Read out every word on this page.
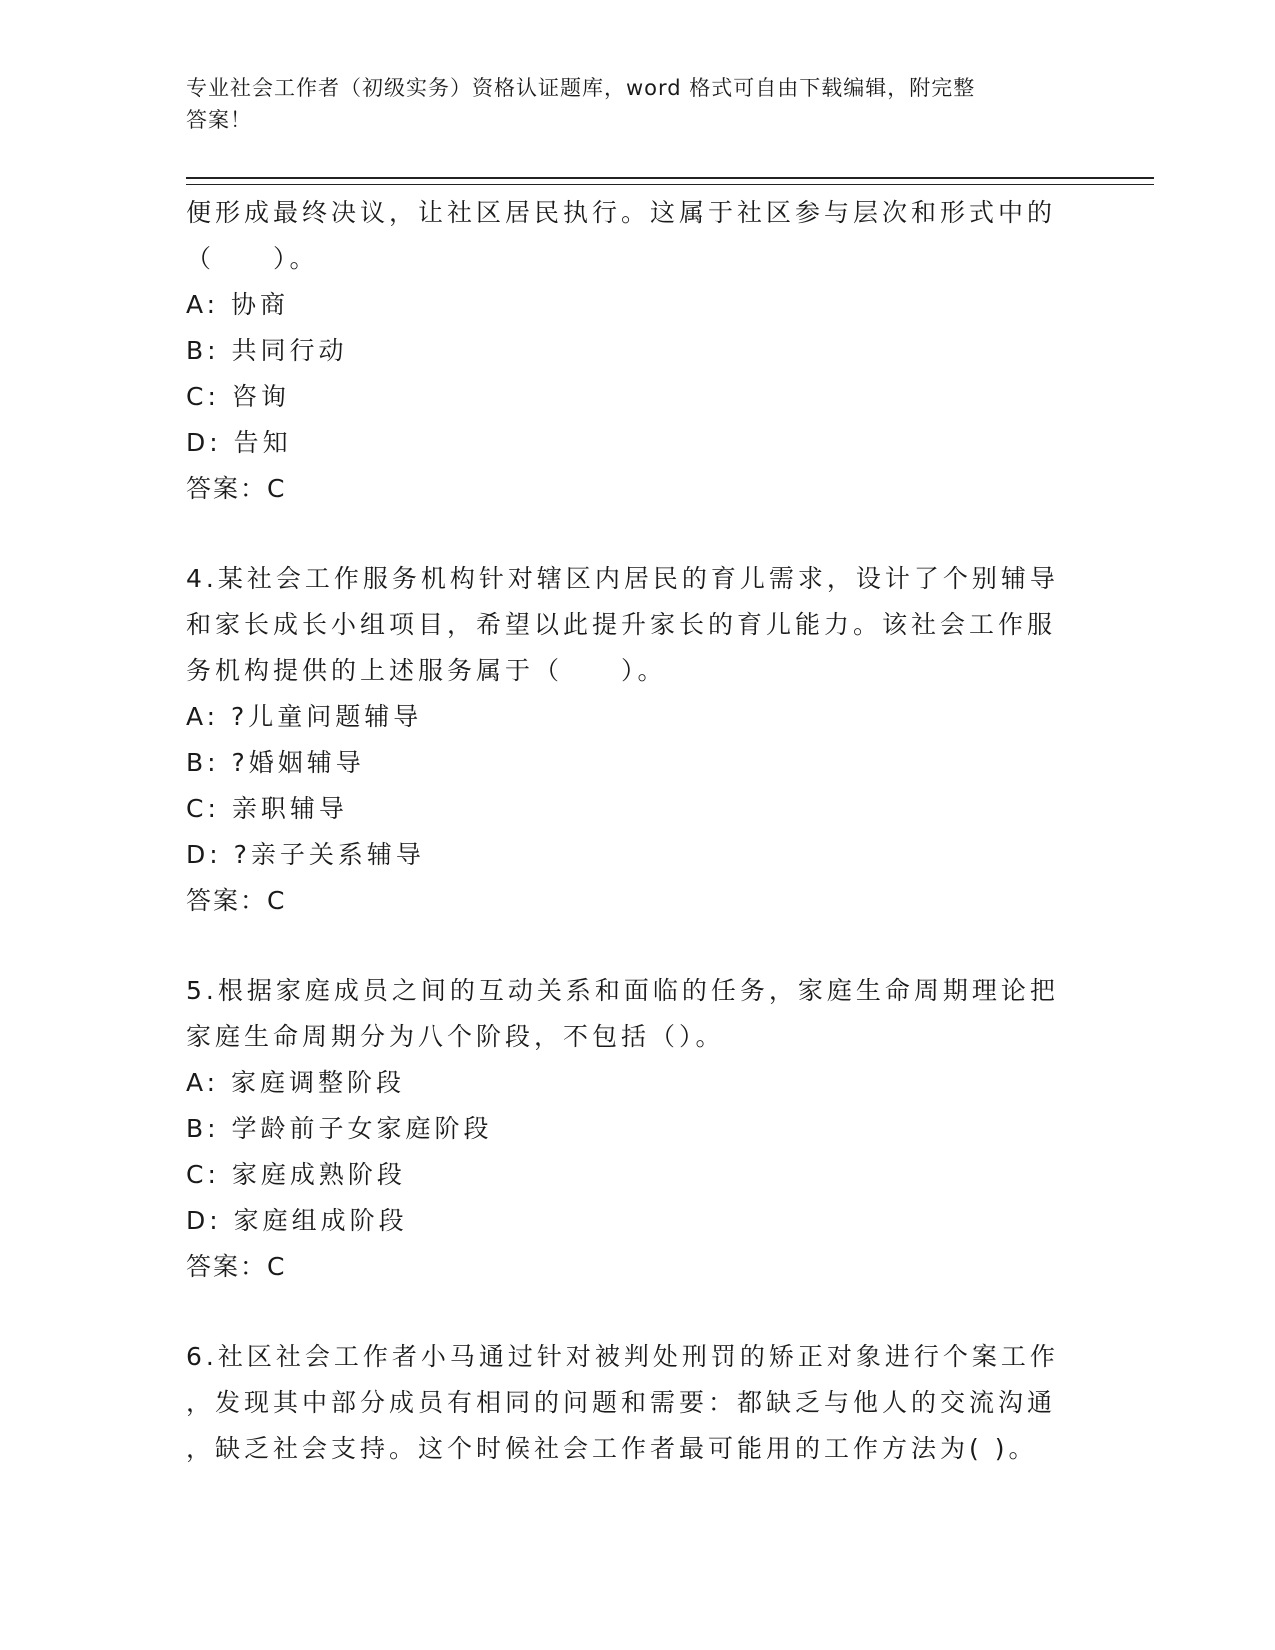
专业社会工作者（初级实务）资格认证题库，word 格式可自由下载编辑，附完整
答案！
便形成最终决议，让社区居民执行。这属于社区参与层次和形式中的
（　　）。
A: 协商
B: 共同行动
C: 咨询
D: 告知
答案：C
4.某社会工作服务机构针对辖区内居民的育儿需求，设计了个别辅导
和家长成长小组项目，希望以此提升家长的育儿能力。该社会工作服
务机构提供的上述服务属于（　　）。
A: ?儿童问题辅导
B: ?婚姻辅导
C: 亲职辅导
D: ?亲子关系辅导
答案：C
5.根据家庭成员之间的互动关系和面临的任务，家庭生命周期理论把
家庭生命周期分为八个阶段，不包括（）。
A: 家庭调整阶段
B: 学龄前子女家庭阶段
C: 家庭成熟阶段
D: 家庭组成阶段
答案：C
6.社区社会工作者小马通过针对被判处刑罚的矫正对象进行个案工作
，发现其中部分成员有相同的问题和需要：都缺乏与他人的交流沟通
，缺乏社会支持。这个时候社会工作者最可能用的工作方法为( )。
